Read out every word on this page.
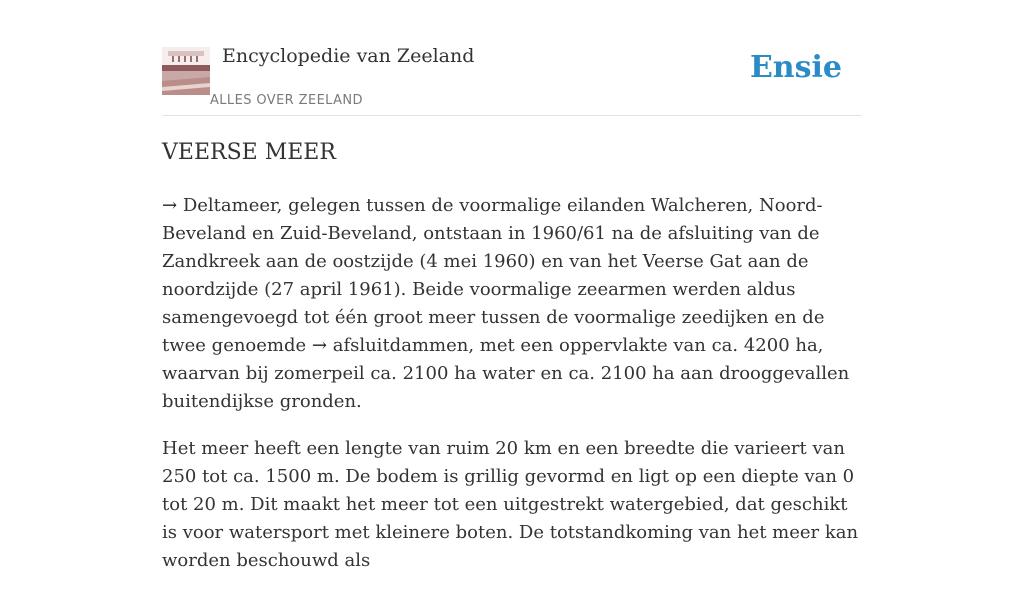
Encyclopedie van Zeeland
ALLES OVER ZEELAND
Ensie
VEERSE MEER

→ Deltameer, gelegen tussen de voormalige eilanden Walcheren, Noord-Beveland en Zuid-Beveland, ontstaan in 1960/61 na de afsluiting van de Zandkreek aan de oostzijde (4 mei 1960) en van het Veerse Gat aan de noordzijde (27 april 1961). Beide voormalige zeearmen werden aldus samengevoegd tot één groot meer tussen de voormalige zeedijken en de twee genoemde → afsluitdammen, met een oppervlakte van ca. 4200 ha, waarvan bij zomerpeil ca. 2100 ha water en ca. 2100 ha aan drooggevallen buitendijkse gronden.

Het meer heeft een lengte van ruim 20 km en een breedte die varieert van 250 tot ca. 1500 m. De bodem is grillig gevormd en ligt op een diepte van 0 tot 20 m. Dit maakt het meer tot een uitgestrekt watergebied, dat geschikt is voor watersport met kleinere boten. De totstandkoming van het meer kan worden beschouwd als
